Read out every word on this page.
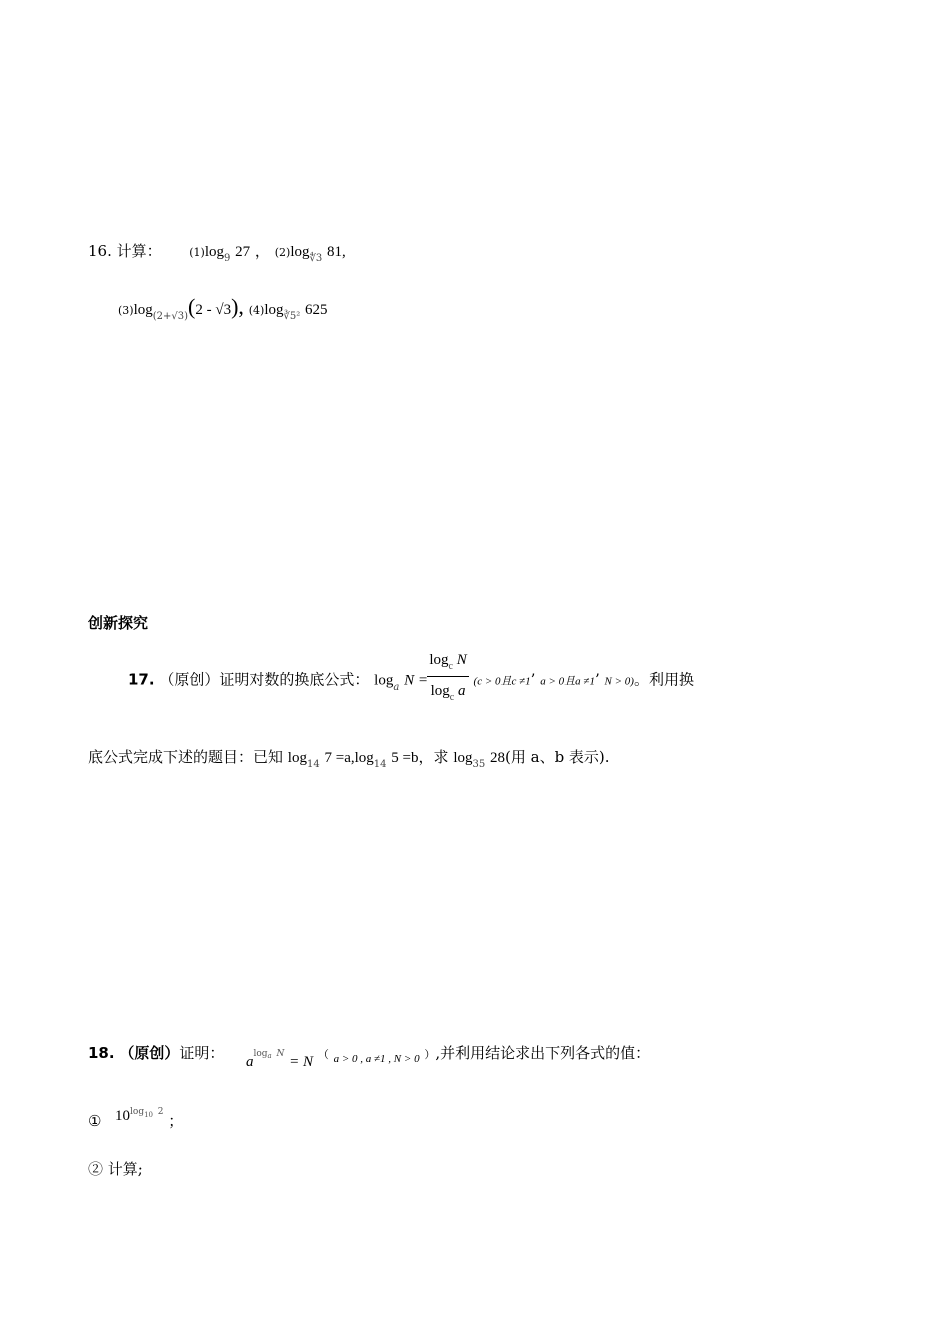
16. 计算：	$(1)\log_9$ 27 ， $(2)\log_{∜3}$ 81,
$(3)\log_{(2+√3)}(2 - √3)$, $(4)\log_{∛5^2}$ 625
创新探究
17. （原创）证明对数的换底公式： $\log_a N = \frac{\log_c N}{\log_c a} (c > 0$且c ≠1’ a > 0且a ≠1’ N > 0)。利用换
底公式完成下述的题目：已知 $\log_{14} 7 =a,\log_{14}$ 5 =b，求 $\log_{35} 28$(用 a、b 表示).
18. （原创）证明： aloga N = N （ $_{a > 0 , a \ne 1 , N > 0}$ ）,并利用结论求出下列各式的值：
① $10^{log10}$ $^2$ ；
② 计算;
